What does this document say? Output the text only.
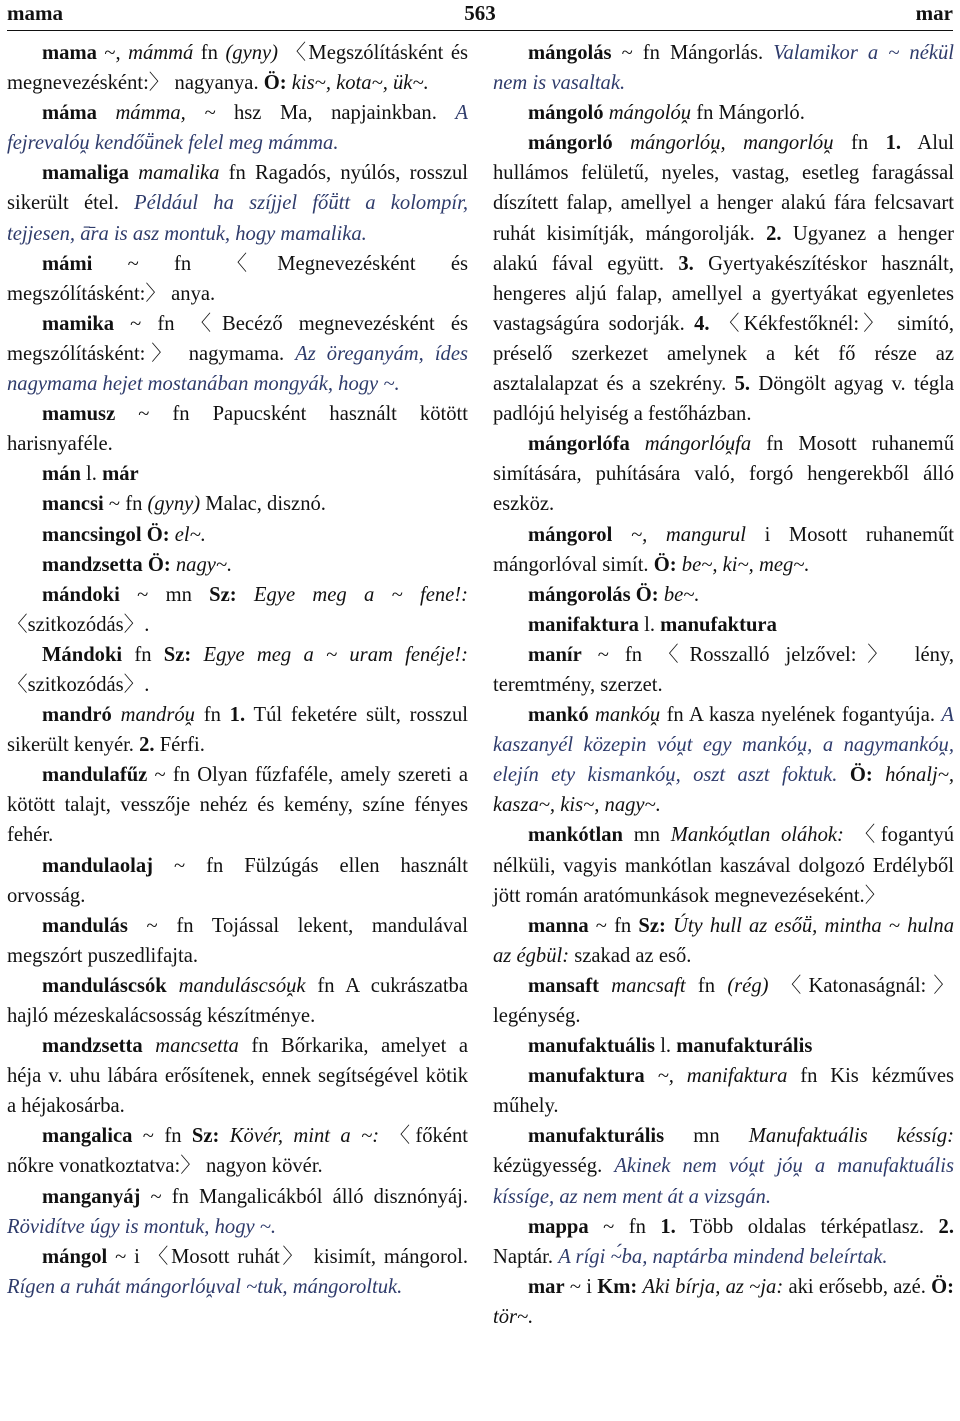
mama	563	mar

mama ~, mámmá fn (gyny) 〈Megszólításként és megnevezésként:〉 nagyanya. Ö: kis~, kota~, ük~.

máma mámma, ~ hsz Ma, napjainkban. A fejrevalóṷ kendőṻnek felel meg mámma.

mamaliga mamalika fn Ragadós, nyúlós, rosszul sikerült étel. Például ha szíjjel főṻtt a kolompír, tejjesen, ā̄ra is asz montuk, hogy mamalika.

mámi ~ fn 〈Megnevezésként és megszólításként:〉 anya.

mamika ~ fn 〈Becéző megnevezésként és megszólításként:〉 nagymama. Az öreganyám, ídes nagymama hejet mostanában mongyák, hogy ~.

mamusz ~ fn Papucsként használt kötött harisnyaféle.

mán l. már

mancsi ~ fn (gyny) Malac, disznó.

mancsingol Ö: el~.

mandzsetta Ö: nagy~.

mándoki ~ mn Sz: Egye meg a ~ fene!: 〈szitkozódás〉.

Mándoki fn Sz: Egye meg a ~ uram fenéje!: 〈szitkozódás〉.

mandró mandróṷ fn 1. Túl feketére sült, rosszul sikerült kenyér. 2. Férfi.

mandulafűz ~ fn Olyan fűzfaféle, amely szereti a kötött talajt, vesszője nehéz és kemény, színe fényes fehér.

mandulaolaj ~ fn Fülzúgás ellen használt orvosság.

mandulás ~ fn Tojással lekent, mandulával megszórt puszedlifajta.

manduláscsók manduláscsóṷk fn A cukrászatba hajló mézeskalácsosság készítménye.

mandzsetta mancsetta fn Bőrkarika, amelyet a héja v. uhu lábára erősítenek, ennek segítségével kötik a héjakosárba.

mangalica ~ fn Sz: Kövér, mint a ~: 〈főként nőkre vonatkoztatva:〉 nagyon kövér.

manganyáj ~ fn Mangalicákból álló disznónyáj. Rövidítve úgy is montuk, hogy ~.

mángol ~ i 〈Mosott ruhát〉 kisimít, mángorol. Rígen a ruhát mángorlóṷval ~tuk, mángoroltuk.

mángolás ~ fn Mángorlás. Valamikor a ~ nékül nem is vasaltak.

mángoló mángolóṷ fn Mángorló.

mángorló mángorlóṷ, mangorlóṷ fn 1. Alul hullámos felületű, nyeles, vastag, esetleg faragással díszített falap, amellyel a henger alakú fára felcsavart ruhát kisimítják, mángorolják. 2. Ugyanez a henger alakú fával együtt. 3. Gyertyakészítéskor használt, hengeres aljú falap, amellyel a gyertyákat egyenletes vastagságúra sodorják. 4. 〈Kékfestőknél:〉 simító, préselő szerkezet amelynek a két fő része az asztalalapzat és a szekrény. 5. Döngölt agyag v. tégla padlójú helyiség a festőházban.

mángorlófa mángorlóṷfa fn Mosott ruhanemű simítására, puhítására való, forgó hengerekből álló eszköz.

mángorol ~, mangurul i Mosott ruhaneműt mángorlóval simít. Ö: be~, ki~, meg~.

mángorolás Ö: be~.

manifaktura l. manufaktura

manír ~ fn 〈Rosszalló jelzővel:〉 lény, teremtmény, szerzet.

mankó mankóṷ fn A kasza nyelének fogantyúja. A kaszanyél közepin vóṷt egy mankóṷ, a nagymankóṷ, elejín ety kismankóṷ, oszt aszt foktuk. Ö: hónalj~, kasza~, kis~, nagy~.

mankótlan mn Mankóṷtlan oláhok: 〈fogantyú nélküli, vagyis mankótlan kaszával dolgozó Erdélyből jött román aratómunkások megnevezéseként.〉

manna ~ fn Sz: Úty hull az esőṻ, mintha ~ hulna az égbül: szakad az eső.

mansaft mancsaft fn (rég) 〈Katonaságnál:〉 legénység.

manufaktuális l. manufakturális

manufaktura ~, manifaktura fn Kis kézműves műhely.

manufakturális mn Manufaktuális késsíg: kézügyesség. Akinek nem vóṷt jóṷ a manufaktuális kíssíge, az nem ment át a vizsgán.

mappa ~ fn 1. Több oldalas térképatlasz. 2. Naptár. A rígi ~́ba, naptárba mindend beleírtak.

mar ~ i Km: Aki bírja, az ~ja: aki erősebb, azé. Ö: tör~.
